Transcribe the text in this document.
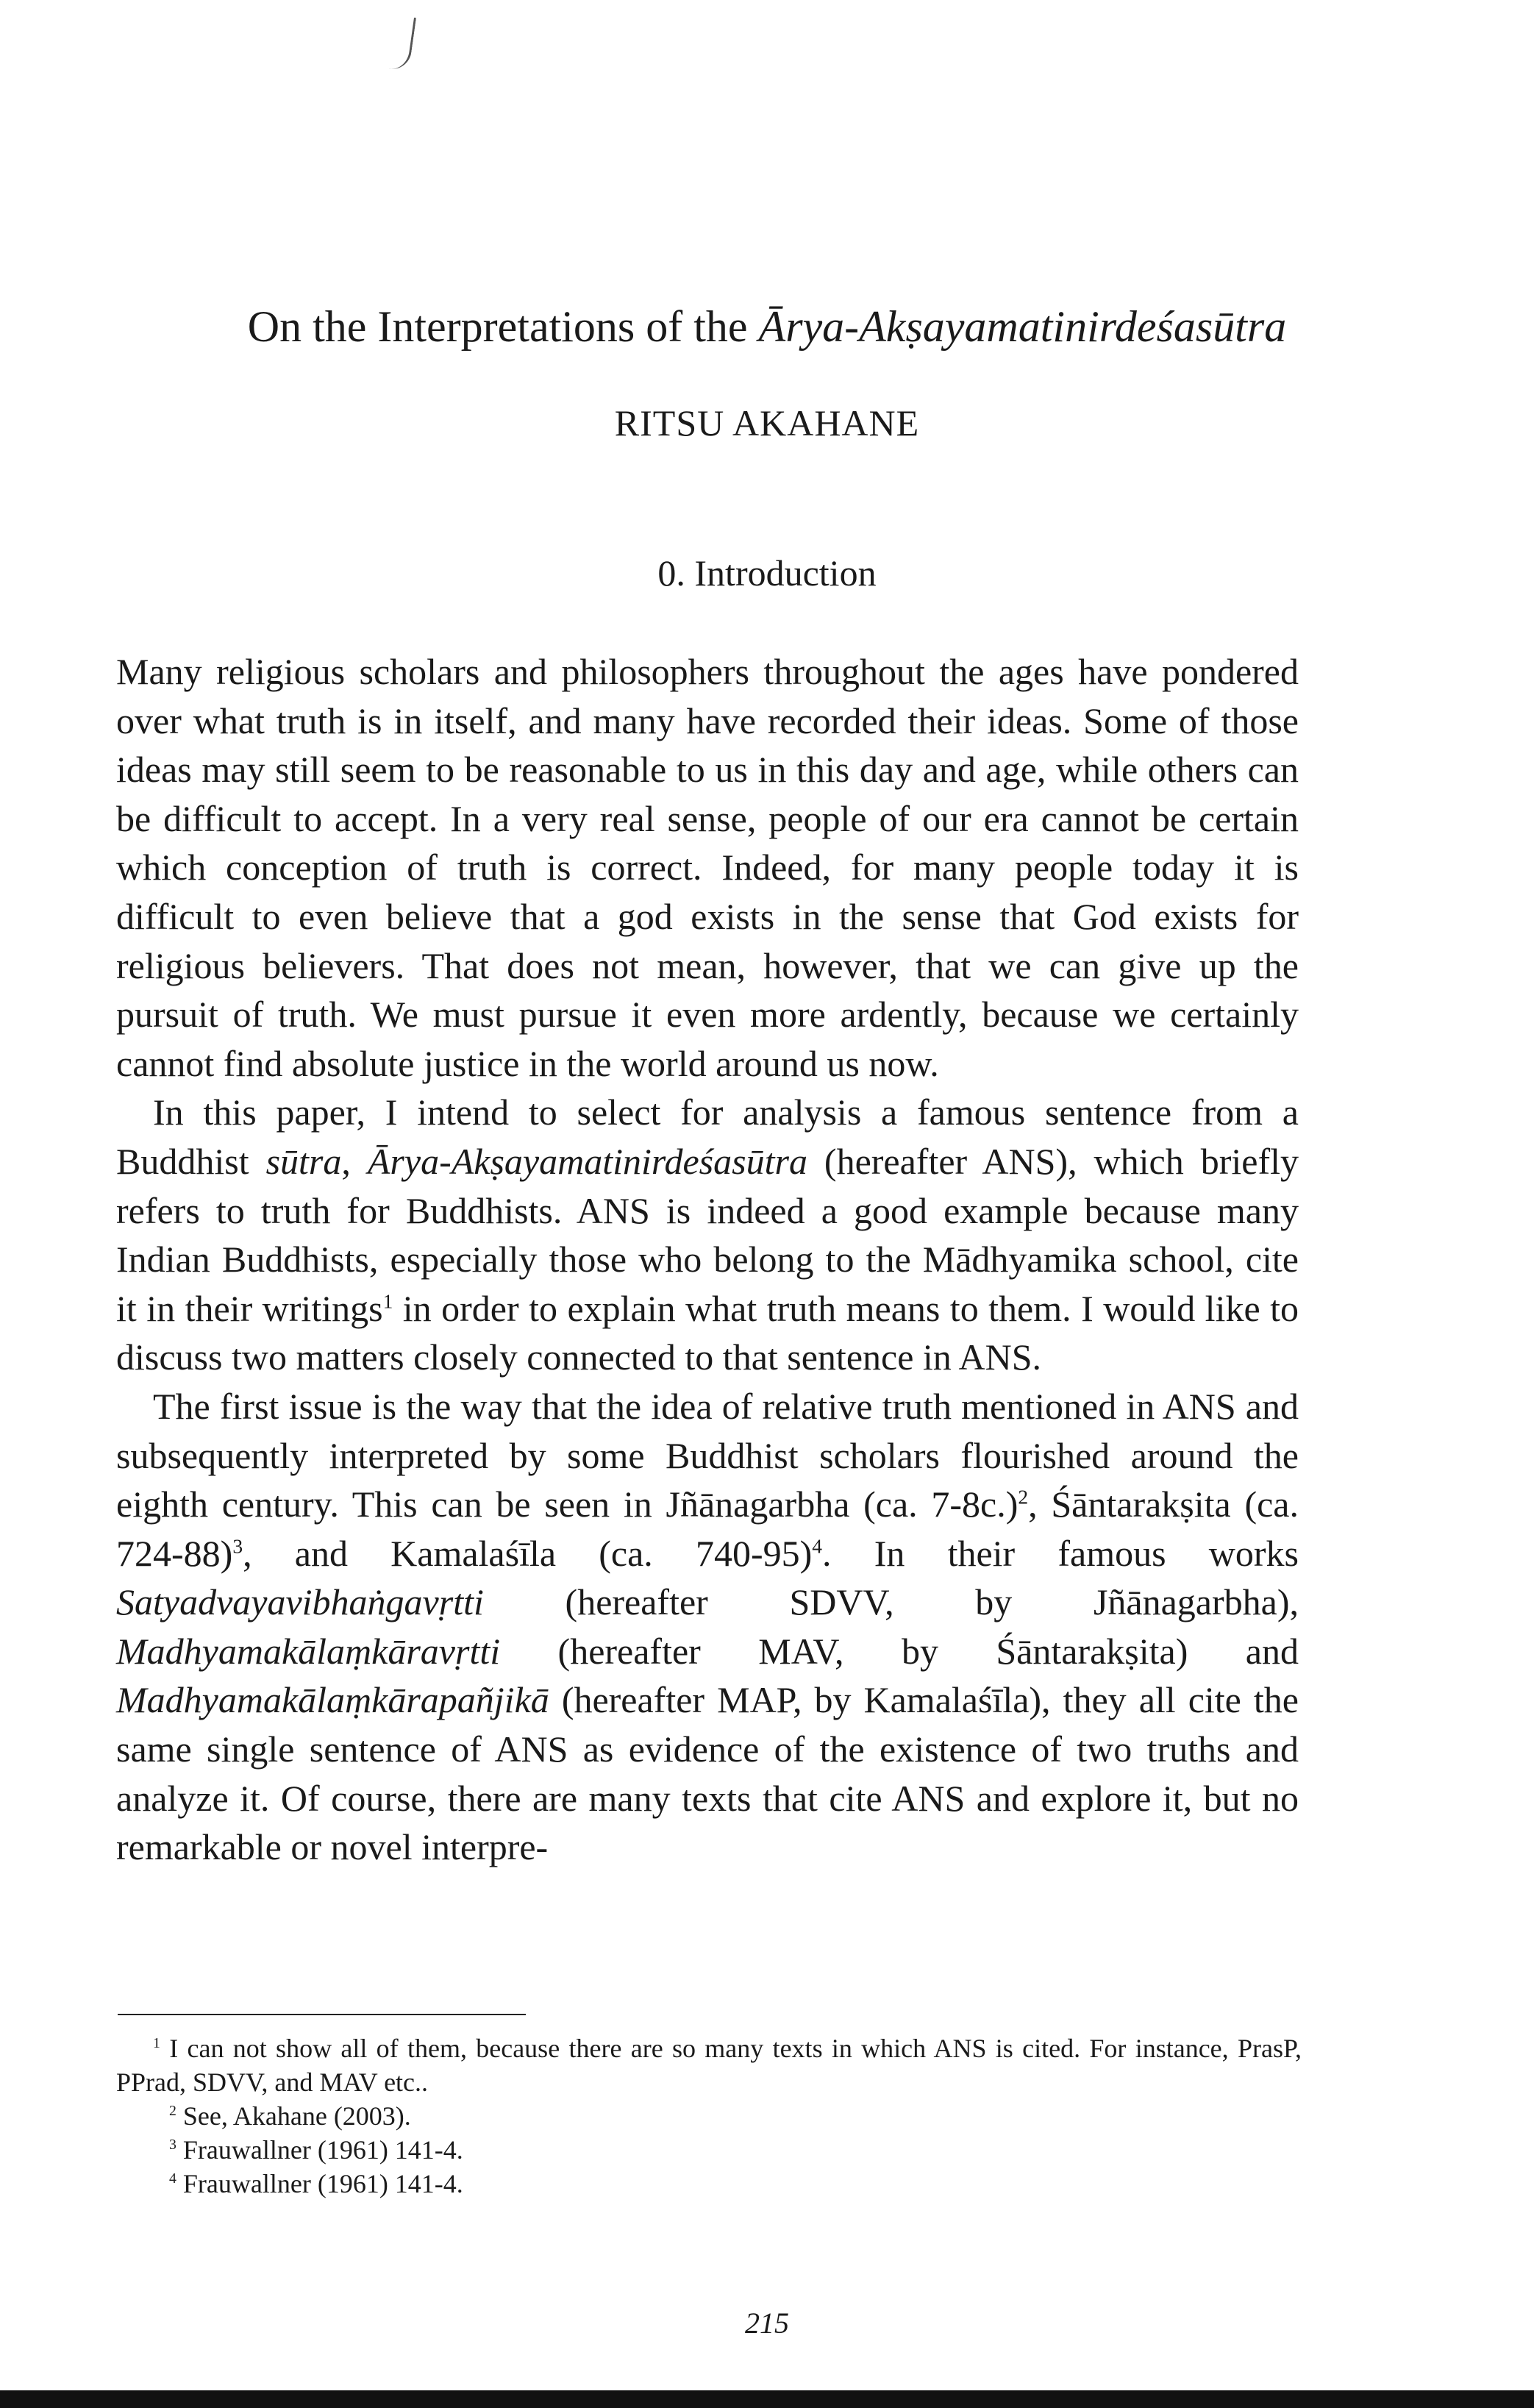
On the Interpretations of the Ārya-Akṣayamatinirdeśasūtra
RITSU AKAHANE
0. Introduction

Many religious scholars and philosophers throughout the ages have pondered over what truth is in itself, and many have recorded their ideas. Some of those ideas may still seem to be reasonable to us in this day and age, while others can be difficult to accept. In a very real sense, people of our era cannot be certain which conception of truth is correct. Indeed, for many people today it is difficult to even believe that a god exists in the sense that God exists for religious believers. That does not mean, however, that we can give up the pursuit of truth. We must pursue it even more ardently, because we certainly cannot find absolute justice in the world around us now.

In this paper, I intend to select for analysis a famous sentence from a Buddhist sūtra, Ārya-Akṣayamatinirdeśasūtra (hereafter ANS), which briefly refers to truth for Buddhists. ANS is indeed a good example because many Indian Buddhists, especially those who belong to the Mādhyamika school, cite it in their writings$^1$ in order to explain what truth means to them. I would like to discuss two matters closely connected to that sentence in ANS.

The first issue is the way that the idea of relative truth mentioned in ANS and subsequently interpreted by some Buddhist scholars flourished around the eighth century. This can be seen in Jñānagarbha (ca. 7-8c.)$^2$, Śāntarakṣita (ca. 724-88)$^3$, and Kamalaśīla (ca. 740-95)$^4$. In their famous works Satyadvayavibhaṅgavṛtti (hereafter SDVV, by Jñānagarbha), Madhyamakālaṃkāravṛtti (hereafter MAV, by Śāntarakṣita) and Madhyamakālaṃkārapañjikā (hereafter MAP, by Kamalaśīla), they all cite the same single sentence of ANS as evidence of the existence of two truths and analyze it. Of course, there are many texts that cite ANS and explore it, but no remarkable or novel interpre-

$^1$ I can not show all of them, because there are so many texts in which ANS is cited. For instance, PrasP, PPrad, SDVV, and MAV etc..

$^2$ See, Akahane (2003).

$^3$ Frauwallner (1961) 141-4.

$^4$ Frauwallner (1961) 141-4.

215
